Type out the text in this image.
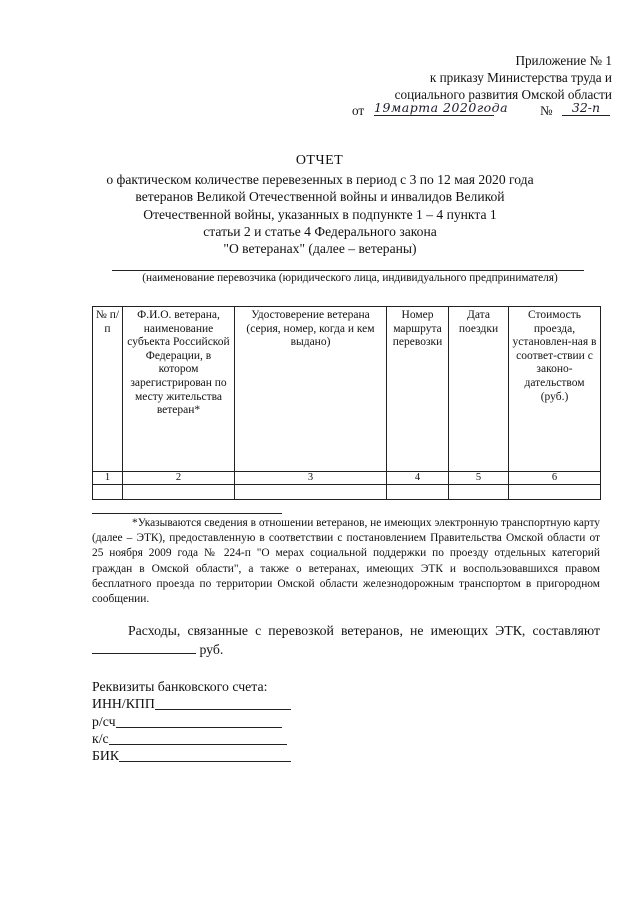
Приложение № 1
к приказу Министерства труда и
социального развития Омской области
от 19марта 2020года №	32-п
ОТЧЕТ
о фактическом количестве перевезенных в период с 3 по 12 мая 2020 года
ветеранов Великой Отечественной войны и инвалидов Великой
Отечественной войны, указанных в подпункте 1 – 4 пункта 1
статьи 2 и статье 4 Федерального закона
"О ветеранах" (далее – ветераны)
(наименование перевозчика (юридического лица, индивидуального предпринимателя)
№ п/п	Ф.И.О. ветерана, наименование субъекта Российской Федерации, в котором зарегистрирован по месту жительства ветеран*	Удостоверение ветерана (серия, номер, когда и кем выдано)	Номер маршрута перевозки	Дата поездки	Стоимость проезда, установлен-ная в соответ-ствии с законо-дательством (руб.)
1	2	3	4	5	6

*Указываются сведения в отношении ветеранов, не имеющих электронную транспортную карту (далее – ЭТК), предоставленную в соответствии с постановлением Правительства Омской области от 25 ноября 2009 года № 224-п "О мерах социальной поддержки по проезду отдельных категорий граждан в Омской области", а также о ветеранах, имеющих ЭТК и воспользовавшихся правом бесплатного проезда по территории Омской области железнодорожным транспортом в пригородном сообщении.
Расходы, связанные с перевозкой ветеранов, не имеющих ЭТК, составляют  руб.
Реквизиты банковского счета:
ИНН/КПП
р/сч
к/с
БИК
